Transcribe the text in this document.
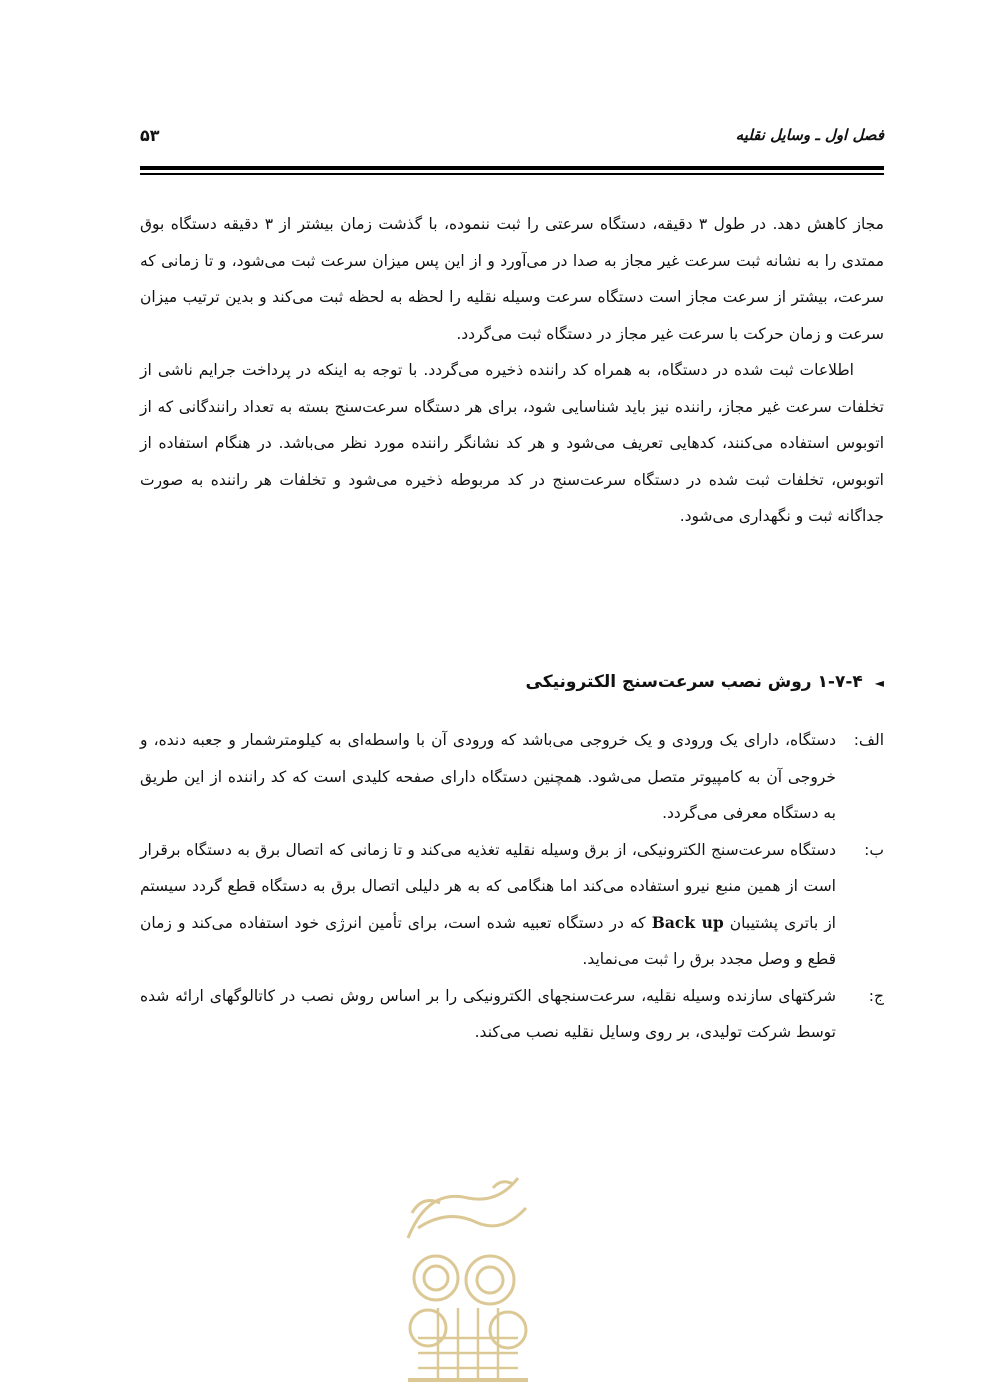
فصل اول ـ وسایل نقلیه
۵۳

مجاز کاهش دهد. در طول ۳ دقیقه، دستگاه سرعتی را ثبت ننموده، با گذشت زمان بیشتر از ۳ دقیقه دستگاه بوق ممتدی را به نشانه ثبت سرعت غیر مجاز به صدا در می‌آورد و از این پس میزان سرعت ثبت می‌شود، و تا زمانی که سرعت، بیشتر از سرعت مجاز است دستگاه سرعت وسیله نقلیه را لحظه به لحظه ثبت می‌کند و بدین ترتیب میزان سرعت و زمان حرکت با سرعت غیر مجاز در دستگاه ثبت می‌گردد.

اطلاعات ثبت شده در دستگاه، به همراه کد راننده ذخیره می‌گردد. با توجه به اینکه در پرداخت جرایم ناشی از تخلفات سرعت غیر مجاز، راننده نیز باید شناسایی شود، برای هر دستگاه سرعت‌سنج بسته به تعداد رانندگانی که از اتوبوس استفاده می‌کنند، کدهایی تعریف می‌شود و هر کد نشانگر راننده مورد نظر می‌باشد. در هنگام استفاده از اتوبوس، تخلفات ثبت شده در دستگاه سرعت‌سنج در کد مربوطه ذخیره می‌شود و تخلفات هر راننده به صورت جداگانه ثبت و نگهداری می‌شود.

◄۱-۷-۴ روش نصب سرعت‌سنج الکترونیکی
الف:
دستگاه، دارای یک ورودی و یک خروجی می‌باشد که ورودی آن با واسطه‌ای به کیلومترشمار و جعبه دنده، و خروجی آن به کامپیوتر متصل می‌شود. همچنین دستگاه دارای صفحه کلیدی است که کد راننده از این طریق به دستگاه معرفی می‌گردد.
ب:
دستگاه سرعت‌سنج الکترونیکی، از برق وسیله نقلیه تغذیه می‌کند و تا زمانی که اتصال برق به دستگاه برقرار است از همین منبع نیرو استفاده می‌کند اما هنگامی که به هر دلیلی اتصال برق به دستگاه قطع گردد سیستم از باتری پشتیبان Back up که در دستگاه تعبیه شده است، برای تأمین انرژی خود استفاده می‌کند و زمان قطع و وصل مجدد برق را ثبت می‌نماید.
ج:
شرکتهای سازنده وسیله نقلیه، سرعت‌سنجهای الکترونیکی را بر اساس روش نصب در کاتالوگهای ارائه شده توسط شرکت تولیدی، بر روی وسایل نقلیه نصب می‌کند.
